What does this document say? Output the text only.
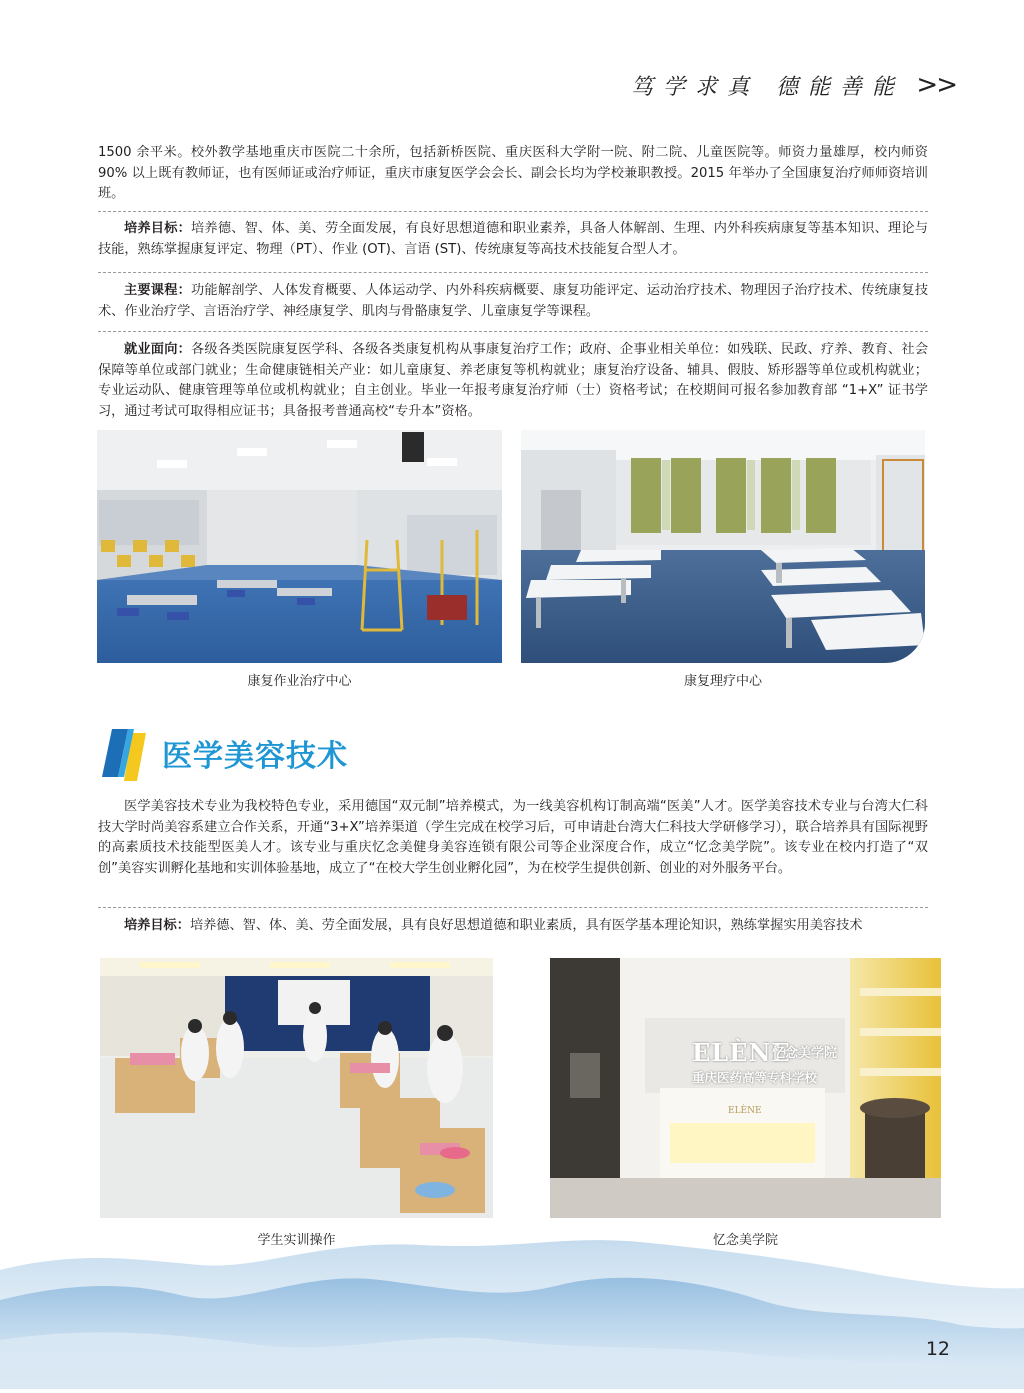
笃学求真 德能善能 >>
1500 余平米。校外教学基地重庆市医院二十余所，包括新桥医院、重庆医科大学附一院、附二院、儿童医院等。师资力量雄厚，校内师资 90% 以上既有教师证，也有医师证或治疗师证，重庆市康复医学会会长、副会长均为学校兼职教授。2015 年举办了全国康复治疗师师资培训班。
培养目标：培养德、智、体、美、劳全面发展，有良好思想道德和职业素养，具备人体解剖、生理、内外科疾病康复等基本知识、理论与技能，熟练掌握康复评定、物理（PT）、作业 (OT)、言语 (ST)、传统康复等高技术技能复合型人才。
主要课程：功能解剖学、人体发育概要、人体运动学、内外科疾病概要、康复功能评定、运动治疗技术、物理因子治疗技术、传统康复技术、作业治疗学、言语治疗学、神经康复学、肌肉与骨骼康复学、儿童康复学等课程。
就业面向：各级各类医院康复医学科、各级各类康复机构从事康复治疗工作；政府、企事业相关单位：如残联、民政、疗养、教育、社会保障等单位或部门就业；生命健康链相关产业：如儿童康复、养老康复等机构就业；康复治疗设备、辅具、假肢、矫形器等单位或机构就业；专业运动队、健康管理等单位或机构就业；自主创业。毕业一年报考康复治疗师（士）资格考试；在校期间可报名参加教育部 “1+X” 证书学习，通过考试可取得相应证书；具备报考普通高校“专升本”资格。
康复作业治疗中心	康复理疗中心
医学美容技术
医学美容技术专业为我校特色专业，采用德国“双元制”培养模式，为一线美容机构订制高端“医美”人才。医学美容技术专业与台湾大仁科技大学时尚美容系建立合作关系，开通“3+X”培养渠道（学生完成在校学习后，可申请赴台湾大仁科技大学研修学习），联合培养具有国际视野的高素质技术技能型医美人才。该专业与重庆忆念美健身美容连锁有限公司等企业深度合作，成立“忆念美学院”。该专业在校内打造了“双创”美容实训孵化基地和实训体验基地，成立了“在校大学生创业孵化园”，为在校学生提供创新、创业的对外服务平台。
培养目标：培养德、智、体、美、劳全面发展，具有良好思想道德和职业素质，具有医学基本理论知识，熟练掌握实用美容技术
ELÈNE
忆念美学院
重庆医药高等专科学校
ELÈNE
学生实训操作	忆念美学院
12
